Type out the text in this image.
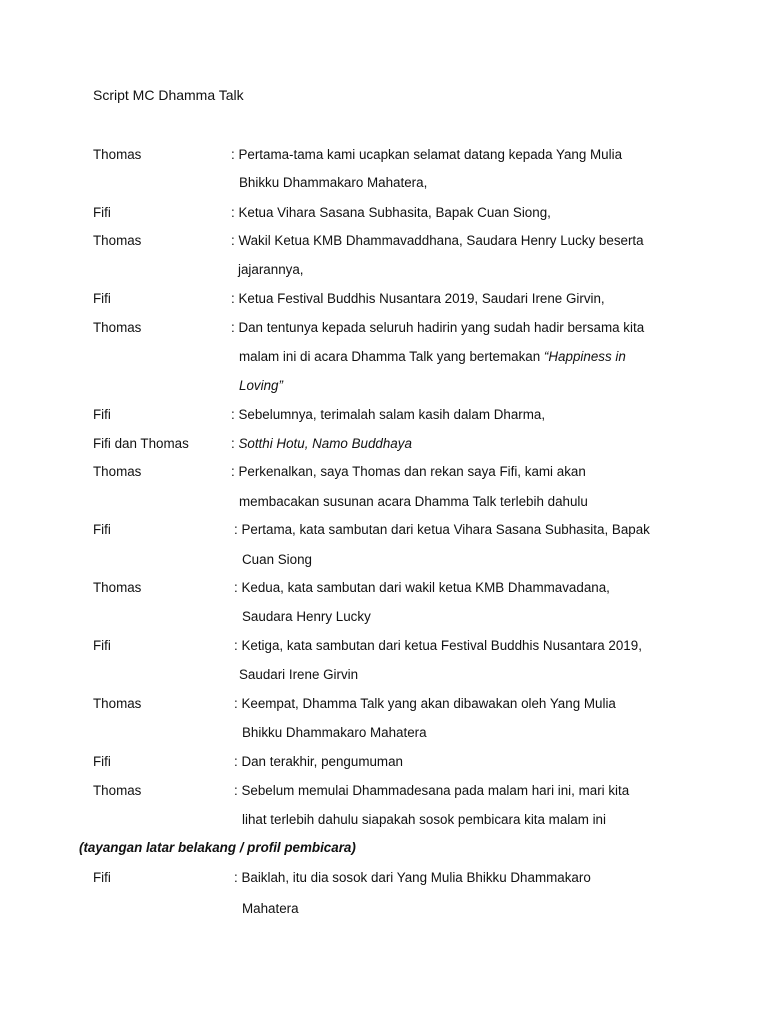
Script MC Dhamma Talk
Thomas	: Pertama-tama kami ucapkan selamat datang kepada Yang Mulia
Bhikku Dhammakaro Mahatera,
Fifi	: Ketua Vihara Sasana Subhasita, Bapak Cuan Siong,
Thomas	: Wakil Ketua KMB Dhammavaddhana, Saudara Henry Lucky beserta
jajarannya,
Fifi	: Ketua Festival Buddhis Nusantara 2019, Saudari Irene Girvin,
Thomas	: Dan tentunya kepada seluruh hadirin yang sudah hadir bersama kita
malam ini di acara Dhamma Talk yang bertemakan “Happiness in
Loving”
Fifi	: Sebelumnya, terimalah salam kasih dalam Dharma,
Fifi dan Thomas	: Sotthi Hotu, Namo Buddhaya
Thomas	: Perkenalkan, saya Thomas dan rekan saya Fifi, kami akan
membacakan susunan acara Dhamma Talk terlebih dahulu
Fifi	: Pertama, kata sambutan dari ketua Vihara Sasana Subhasita, Bapak
Cuan Siong
Thomas	: Kedua, kata sambutan dari wakil ketua KMB Dhammavadana,
Saudara Henry Lucky
Fifi	: Ketiga, kata sambutan dari ketua Festival Buddhis Nusantara 2019,
Saudari Irene Girvin
Thomas	: Keempat, Dhamma Talk yang akan dibawakan oleh Yang Mulia
Bhikku Dhammakaro Mahatera
Fifi	: Dan terakhir, pengumuman
Thomas	: Sebelum memulai Dhammadesana pada malam hari ini, mari kita
lihat terlebih dahulu siapakah sosok pembicara kita malam ini
(tayangan latar belakang / profil pembicara)
Fifi	: Baiklah, itu dia sosok dari Yang Mulia Bhikku Dhammakaro
Mahatera
